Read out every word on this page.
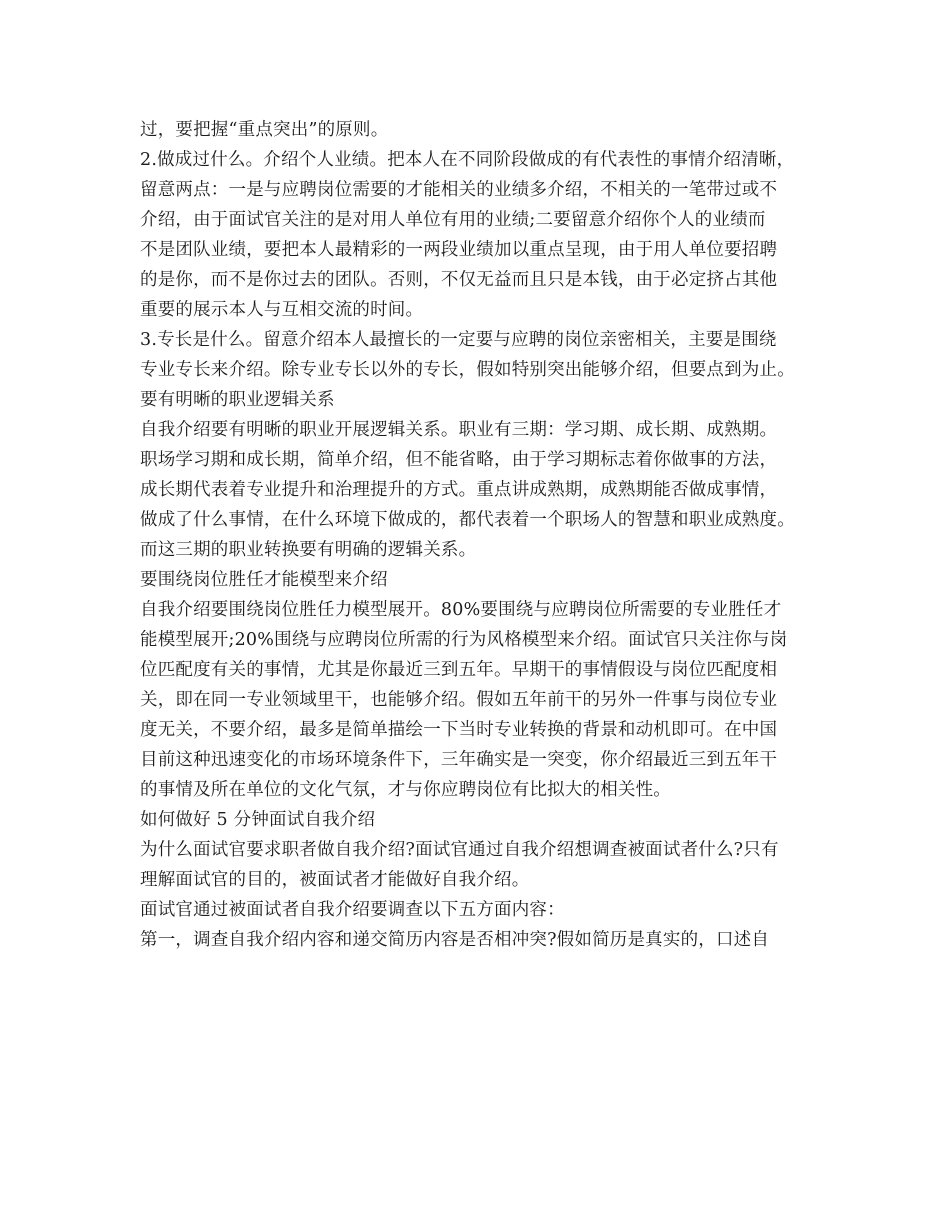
过，要把握“重点突出”的原则。
2.做成过什么。介绍个人业绩。把本人在不同阶段做成的有代表性的事情介绍清晰，
留意两点：一是与应聘岗位需要的才能相关的业绩多介绍，不相关的一笔带过或不
介绍，由于面试官关注的是对用人单位有用的业绩;二要留意介绍你个人的业绩而
不是团队业绩，要把本人最精彩的一两段业绩加以重点呈现，由于用人单位要招聘
的是你，而不是你过去的团队。否则，不仅无益而且只是本钱，由于必定挤占其他
重要的展示本人与互相交流的时间。
3.专长是什么。留意介绍本人最擅长的一定要与应聘的岗位亲密相关，主要是围绕
专业专长来介绍。除专业专长以外的专长，假如特别突出能够介绍，但要点到为止。
要有明晰的职业逻辑关系
自我介绍要有明晰的职业开展逻辑关系。职业有三期：学习期、成长期、成熟期。
职场学习期和成长期，简单介绍，但不能省略，由于学习期标志着你做事的方法，
成长期代表着专业提升和治理提升的方式。重点讲成熟期，成熟期能否做成事情，
做成了什么事情，在什么环境下做成的，都代表着一个职场人的智慧和职业成熟度。
而这三期的职业转换要有明确的逻辑关系。
要围绕岗位胜任才能模型来介绍
自我介绍要围绕岗位胜任力模型展开。80%要围绕与应聘岗位所需要的专业胜任才
能模型展开;20%围绕与应聘岗位所需的行为风格模型来介绍。面试官只关注你与岗
位匹配度有关的事情，尤其是你最近三到五年。早期干的事情假设与岗位匹配度相
关，即在同一专业领域里干，也能够介绍。假如五年前干的另外一件事与岗位专业
度无关，不要介绍，最多是简单描绘一下当时专业转换的背景和动机即可。在中国
目前这种迅速变化的市场环境条件下，三年确实是一突变，你介绍最近三到五年干
的事情及所在单位的文化气氛，才与你应聘岗位有比拟大的相关性。
如何做好 5 分钟面试自我介绍
为什么面试官要求职者做自我介绍?面试官通过自我介绍想调查被面试者什么?只有
理解面试官的目的，被面试者才能做好自我介绍。
面试官通过被面试者自我介绍要调查以下五方面内容：
第一，调查自我介绍内容和递交简历内容是否相冲突?假如简历是真实的，口述自
